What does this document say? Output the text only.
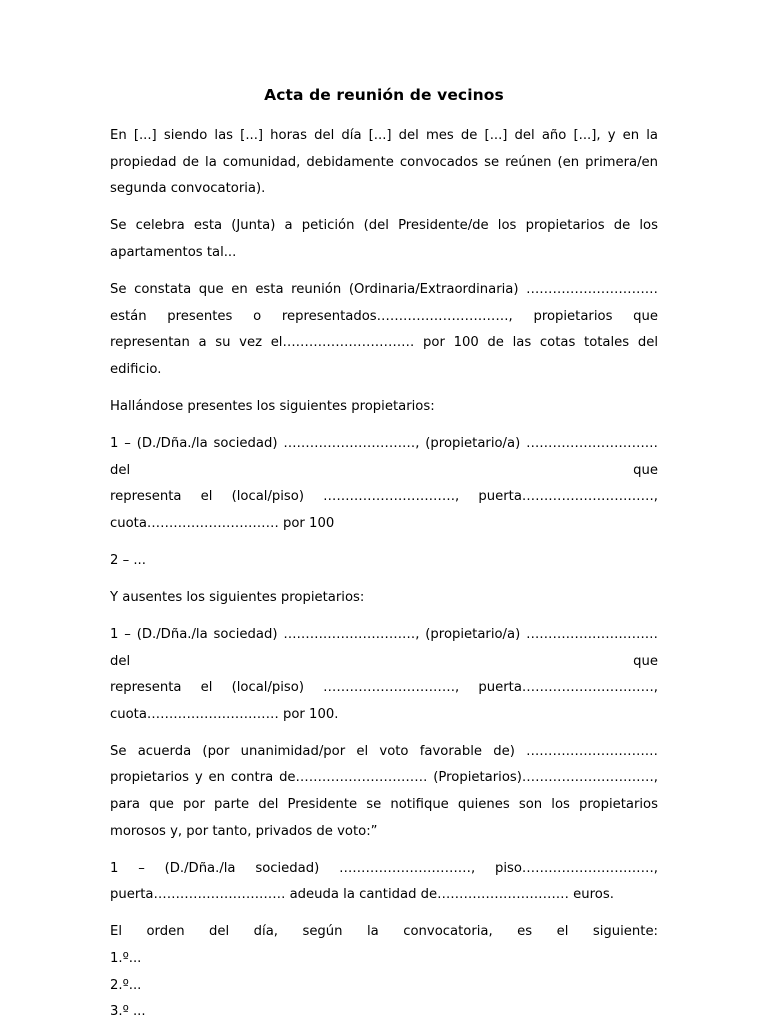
Acta de reunión de vecinos

En [...] siendo las [...] horas del día [...] del mes de [...] del año [...], y en la propiedad de la comunidad, debidamente convocados se reúnen (en primera/en segunda convocatoria).

Se celebra esta (Junta) a petición (del Presidente/de los propietarios de los apartamentos tal...

Se constata que en esta reunión (Ordinaria/Extraordinaria) ………………………… están presentes o representados…………………………, propietarios que representan a su vez el………………………… por 100 de las cotas totales del edificio.

Hallándose presentes los siguientes propietarios:

1 – (D./Dña./la sociedad) …………………………, (propietario/a) ………………………… del que
representa el (local/piso) …………………………, puerta…………………………,
cuota………………………… por 100

2 – ...

Y ausentes los siguientes propietarios:

1 – (D./Dña./la sociedad) …………………………, (propietario/a) ………………………… del que
representa el (local/piso) …………………………, puerta…………………………,
cuota………………………… por 100.

Se acuerda (por unanimidad/por el voto favorable de) ………………………… propietarios y en contra de………………………… (Propietarios)…………………………, para que por parte del Presidente se notifique quienes son los propietarios morosos y, por tanto, privados de voto:”

1 – (D./Dña./la sociedad) …………………………, piso…………………………,
puerta………………………… adeuda la cantidad de………………………… euros.

El orden del día, según la convocatoria, es el siguiente:
1.º...
2.º...
3.º ...
